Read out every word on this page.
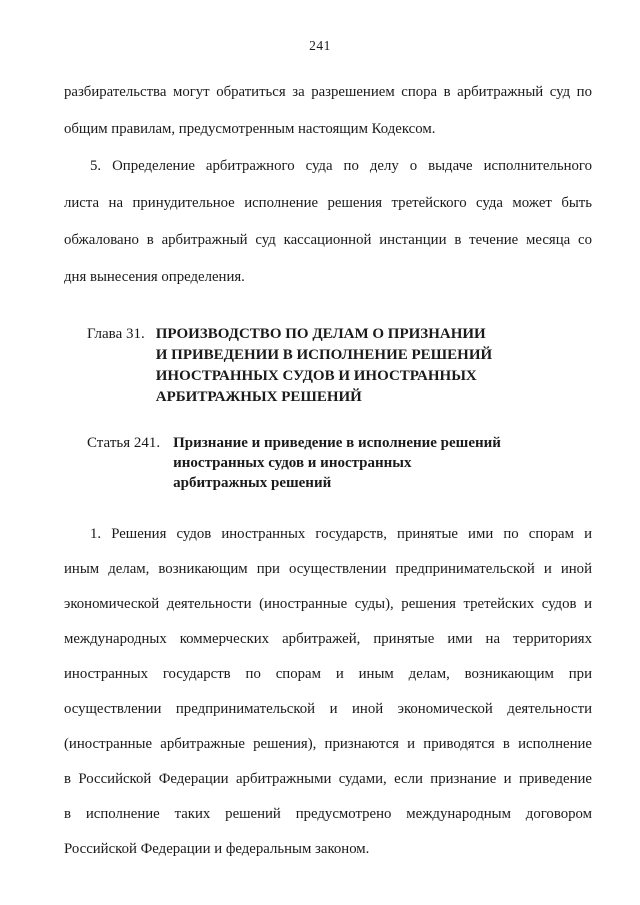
241
разбирательства могут обратиться за разрешением спора в арбитражный суд по
общим правилам, предусмотренным настоящим Кодексом.
5. Определение арбитражного суда по делу о выдаче исполнительного
листа на принудительное исполнение решения третейского суда может быть
обжаловано в арбитражный суд кассационной инстанции в течение месяца со
дня вынесения определения.
Глава 31. ПРОИЗВОДСТВО ПО ДЕЛАМ О ПРИЗНАНИИ
И ПРИВЕДЕНИИ В ИСПОЛНЕНИЕ РЕШЕНИЙ
ИНОСТРАННЫХ СУДОВ И ИНОСТРАННЫХ
АРБИТРАЖНЫХ РЕШЕНИЙ
Статья 241. Признание и приведение в исполнение решений
иностранных судов и иностранных
арбитражных решений
1. Решения судов иностранных государств, принятые ими по спорам и
иным делам, возникающим при осуществлении предпринимательской и иной
экономической деятельности (иностранные суды), решения третейских судов и
международных коммерческих арбитражей, принятые ими на территориях
иностранных государств по спорам и иным делам, возникающим при
осуществлении предпринимательской и иной экономической деятельности
(иностранные арбитражные решения), признаются и приводятся в исполнение
в Российской Федерации арбитражными судами, если признание и приведение
в исполнение таких решений предусмотрено международным договором
Российской Федерации и федеральным законом.
